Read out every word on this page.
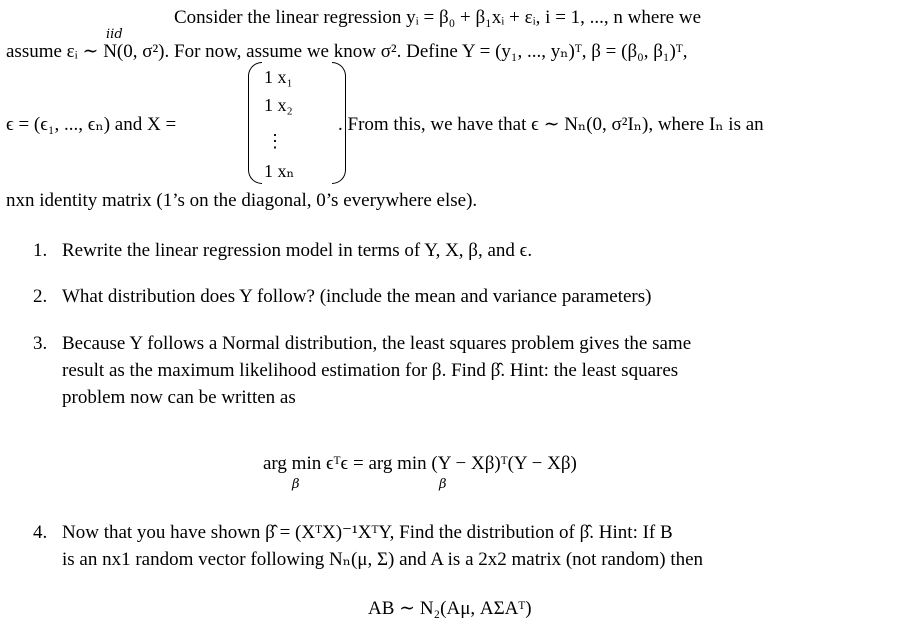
Consider the linear regression yᵢ = β₀ + β₁xᵢ + εᵢ, i = 1, ..., n where we
iid
assume εᵢ ∼ N(0, σ²). For now, assume we know σ². Define Y = (y₁, ..., yₙ)ᵀ, β = (β₀, β₁)ᵀ,
ϵ = (ϵ₁, ..., ϵₙ) and X =
1 x₁
1 x₂
⋮
1 xₙ
. From this, we have that ϵ ∼ Nₙ(0, σ²Iₙ), where Iₙ is an
nxn identity matrix (1’s on the diagonal, 0’s everywhere else).
1. Rewrite the linear regression model in terms of Y, X, β, and ϵ.
2. What distribution does Y follow? (include the mean and variance parameters)
3. Because Y follows a Normal distribution, the least squares problem gives the same
result as the maximum likelihood estimation for β. Find β̂. Hint: the least squares
problem now can be written as
arg min ϵᵀϵ = arg min (Y − Xβ)ᵀ(Y − Xβ)
β	β
4. Now that you have shown β̂ = (XᵀX)⁻¹XᵀY, Find the distribution of β̂. Hint: If B
is an nx1 random vector following Nₙ(μ, Σ) and A is a 2x2 matrix (not random) then
AB ∼ N₂(Aμ, AΣAᵀ)
